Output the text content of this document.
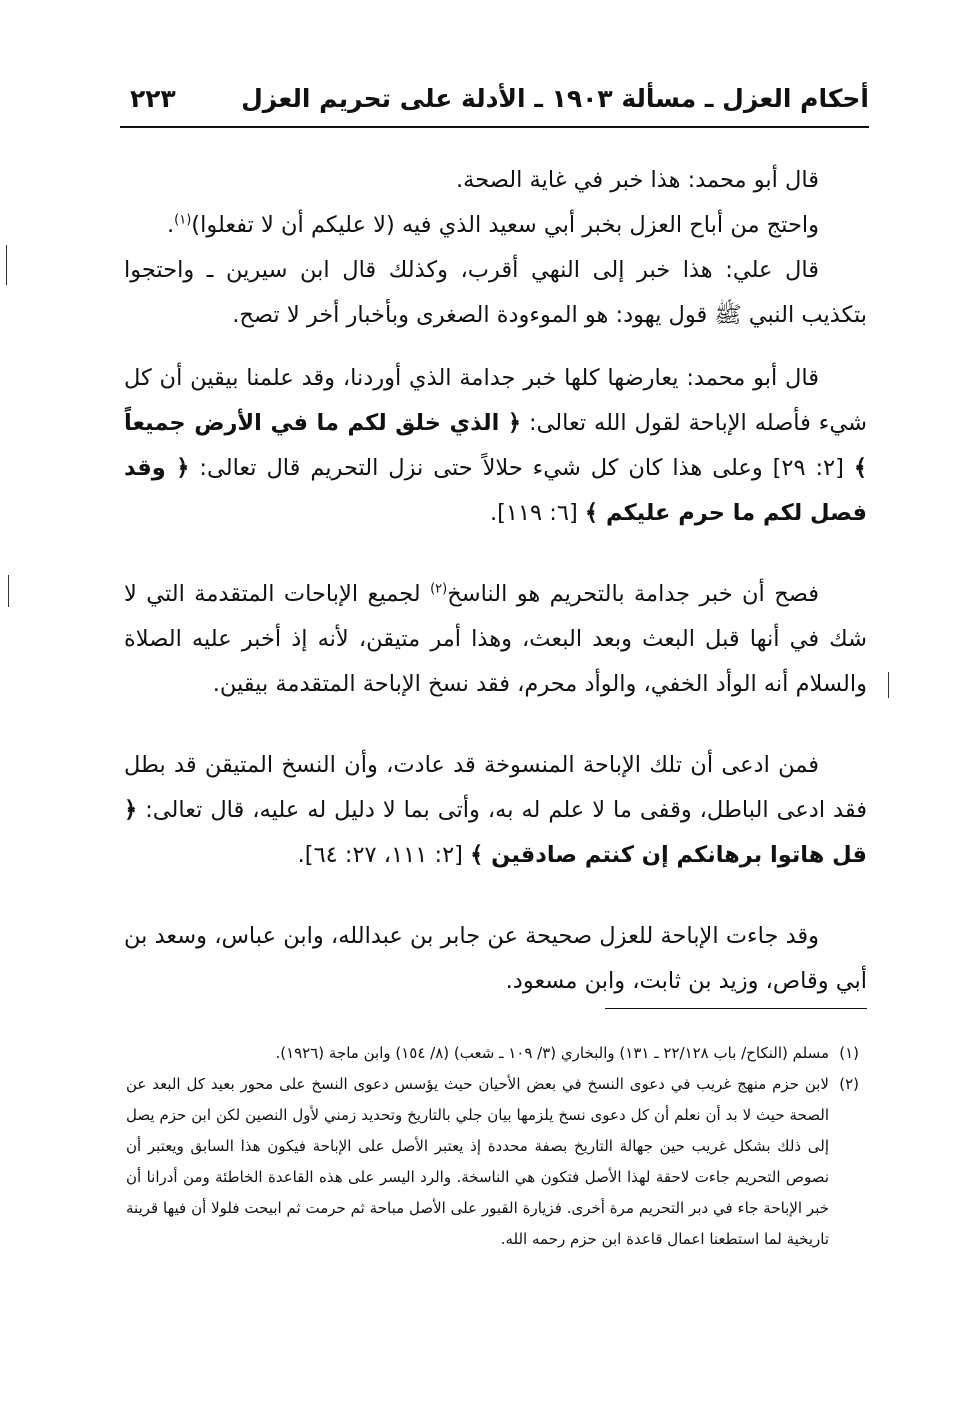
أحكام العزل ـ مسألة ١٩٠٣ ـ الأدلة على تحريم العزل
٢٢٣

قال أبو محمد: هذا خبر في غاية الصحة.

واحتج من أباح العزل بخبر أبي سعيد الذي فيه (لا عليكم أن لا تفعلوا)$^{(١)}$.

قال علي: هذا خبر إلى النهي أقرب، وكذلك قال ابن سيرين ـ واحتجوا بتكذيب النبي ﷺ قول يهود: هو الموءودة الصغرى وبأخبار أخر لا تصح.

قال أبو محمد: يعارضها كلها خبر جدامة الذي أوردنا، وقد علمنا بيقين أن كل شيء فأصله الإباحة لقول الله تعالى: ﴿ الذي خلق لكم ما في الأرض جميعاً ﴾ [٢: ٢٩] وعلى هذا كان كل شيء حلالاً حتى نزل التحريم قال تعالى: ﴿ وقد فصل لكم ما حرم عليكم ﴾ [٦: ١١٩].

فصح أن خبر جدامة بالتحريم هو الناسخ$^{(٢)}$ لجميع الإباحات المتقدمة التي لا شك في أنها قبل البعث وبعد البعث، وهذا أمر متيقن، لأنه إذ أخبر عليه الصلاة والسلام أنه الوأد الخفي، والوأد محرم، فقد نسخ الإباحة المتقدمة بيقين.

فمن ادعى أن تلك الإباحة المنسوخة قد عادت، وأن النسخ المتيقن قد بطل فقد ادعى الباطل، وقفى ما لا علم له به، وأتى بما لا دليل له عليه، قال تعالى: ﴿ قل هاتوا برهانكم إن كنتم صادقين ﴾ [٢: ١١١، ٢٧: ٦٤].

وقد جاءت الإباحة للعزل صحيحة عن جابر بن عبدالله، وابن عباس، وسعد بن أبي وقاص، وزيد بن ثابت، وابن مسعود.

(١)
مسلم (النكاح/ باب ٢٢/١٢٨ ـ ١٣١) والبخاري (٣/ ١٠٩ ـ شعب) (٨/ ١٥٤) وابن ماجة (١٩٢٦).

(٢)
لابن حزم منهج غريب في دعوى النسخ في بعض الأحيان حيث يؤسس دعوى النسخ على محور بعيد كل البعد عن الصحة حيث لا بد أن نعلم أن كل دعوى نسخ يلزمها بيان جلي بالتاريخ وتحديد زمني لأول النصين لكن ابن حزم يصل إلى ذلك بشكل غريب حين جهالة التاريخ بصفة محددة إذ يعتبر الأصل على الإباحة فيكون هذا السابق ويعتبر أن نصوص التحريم جاءت لاحقة لهذا الأصل فتكون هي الناسخة. والرد اليسر على هذه القاعدة الخاطئة ومن أدرانا أن خبر الإباحة جاء في دبر التحريم مرة أخرى. فزيارة القبور على الأصل مباحة ثم حرمت ثم ابيحت فلولا أن فيها قرينة تاريخية لما استطعنا اعمال قاعدة ابن حزم رحمه الله.
